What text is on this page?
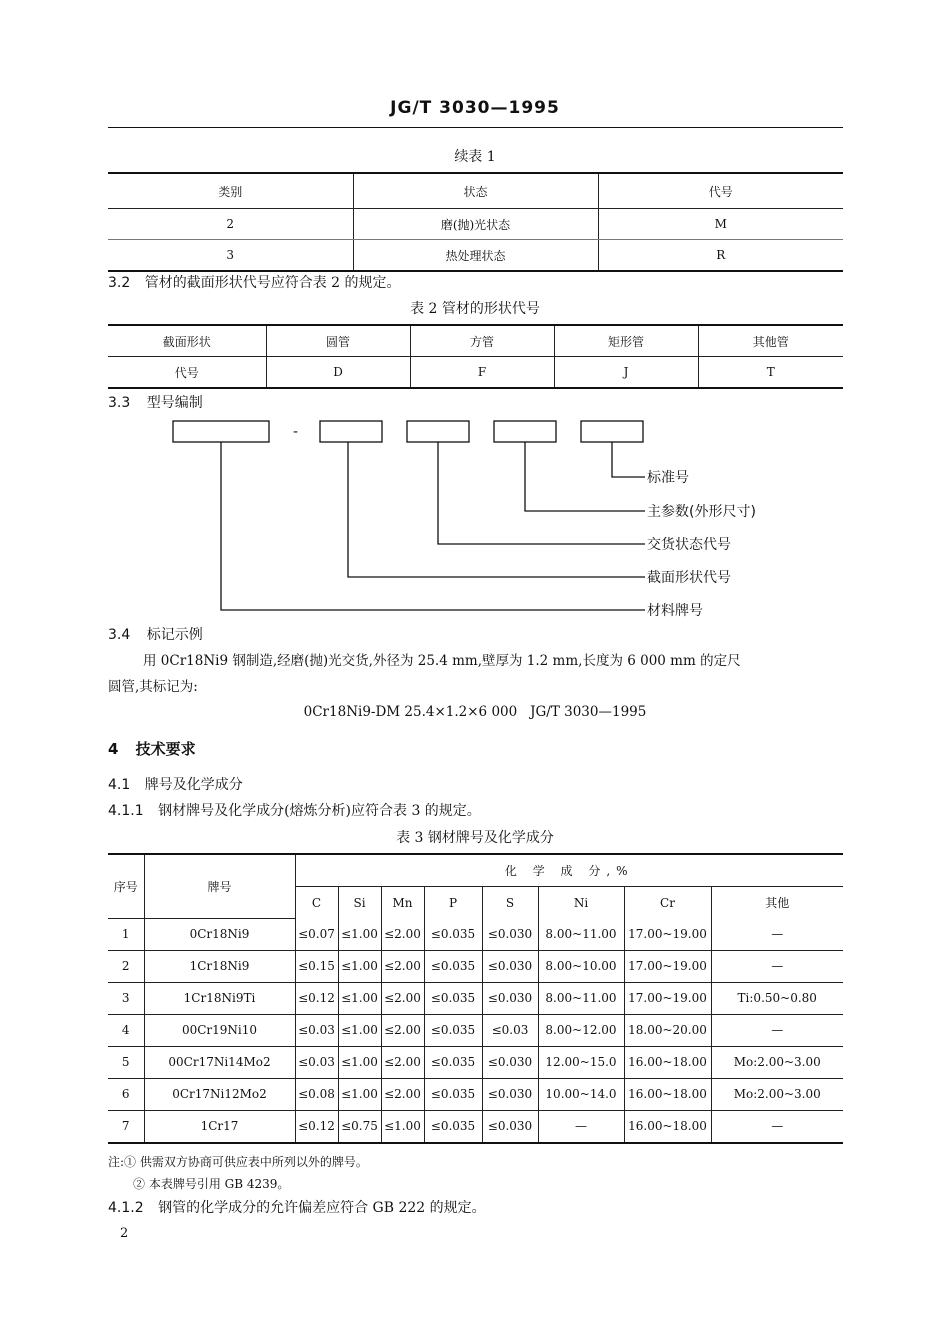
JG/T 3030—1995
续表 1
类别	状态	代号
2	磨(抛)光状态	M
3	热处理状态	R
3.2 管材的截面形状代号应符合表 2 的规定。
表 2 管材的形状代号
截面形状	圆管	方管	矩形管	其他管
代号	D	F	J	T
3.3 型号编制
-
标准号
主参数(外形尺寸)
交货状态代号
截面形状代号
材料牌号
3.4 标记示例
用 0Cr18Ni9 钢制造,经磨(抛)光交货,外径为 25.4 mm,壁厚为 1.2 mm,长度为 6 000 mm 的定尺
圆管,其标记为:
0Cr18Ni9-DM 25.4×1.2×6 000   JG/T 3030—1995
4 技术要求
4.1 牌号及化学成分
4.1.1 钢材牌号及化学成分(熔炼分析)应符合表 3 的规定。
表 3 钢材牌号及化学成分
序号	牌号	化 学 成 分,%							
		C	Si	Mn	P	S	Ni	Cr	其他
1	0Cr18Ni9	≤0.07	≤1.00	≤2.00	≤0.035	≤0.030	8.00~11.00	17.00~19.00	—
2	1Cr18Ni9	≤0.15	≤1.00	≤2.00	≤0.035	≤0.030	8.00~10.00	17.00~19.00	—
3	1Cr18Ni9Ti	≤0.12	≤1.00	≤2.00	≤0.035	≤0.030	8.00~11.00	17.00~19.00	Ti:0.50~0.80
4	00Cr19Ni10	≤0.03	≤1.00	≤2.00	≤0.035	≤0.03	8.00~12.00	18.00~20.00	—
5	00Cr17Ni14Mo2	≤0.03	≤1.00	≤2.00	≤0.035	≤0.030	12.00~15.0	16.00~18.00	Mo:2.00~3.00
6	0Cr17Ni12Mo2	≤0.08	≤1.00	≤2.00	≤0.035	≤0.030	10.00~14.0	16.00~18.00	Mo:2.00~3.00
7	1Cr17	≤0.12	≤0.75	≤1.00	≤0.035	≤0.030	—	16.00~18.00	—
注:① 供需双方协商可供应表中所列以外的牌号。
② 本表牌号引用 GB 4239。
4.1.2 钢管的化学成分的允许偏差应符合 GB 222 的规定。
2
